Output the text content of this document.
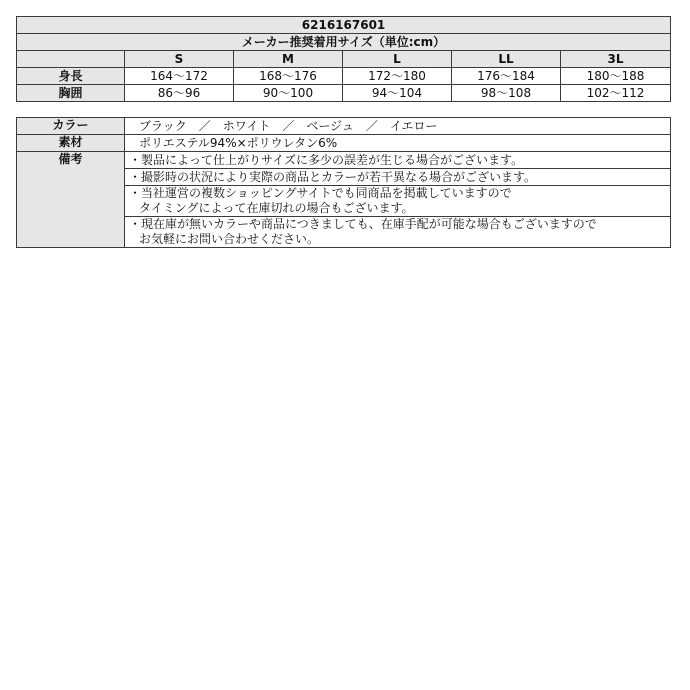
6216167601					
メーカー推奨着用サイズ（単位:cm）					
	S	M	L	LL	3L
身長	164〜172	168〜176	172〜180	176〜184	180〜188
胸囲	86〜96	90〜100	94〜104	98〜108	102〜112
カラー	ブラック　／　ホワイト　／　ベージュ　／　イエロー
素材	ポリエステル94%×ポリウレタン6%
備考	・製品によって仕上がりサイズに多少の誤差が生じる場合がございます。

	・撮影時の状況により実際の商品とカラーが若干異なる場合がございます。

	・当社運営の複数ショッピングサイトでも同商品を掲載していますので
タイミングによって在庫切れの場合もございます。

	・現在庫が無いカラーや商品につきましても、在庫手配が可能な場合もございますので
お気軽にお問い合わせください。
